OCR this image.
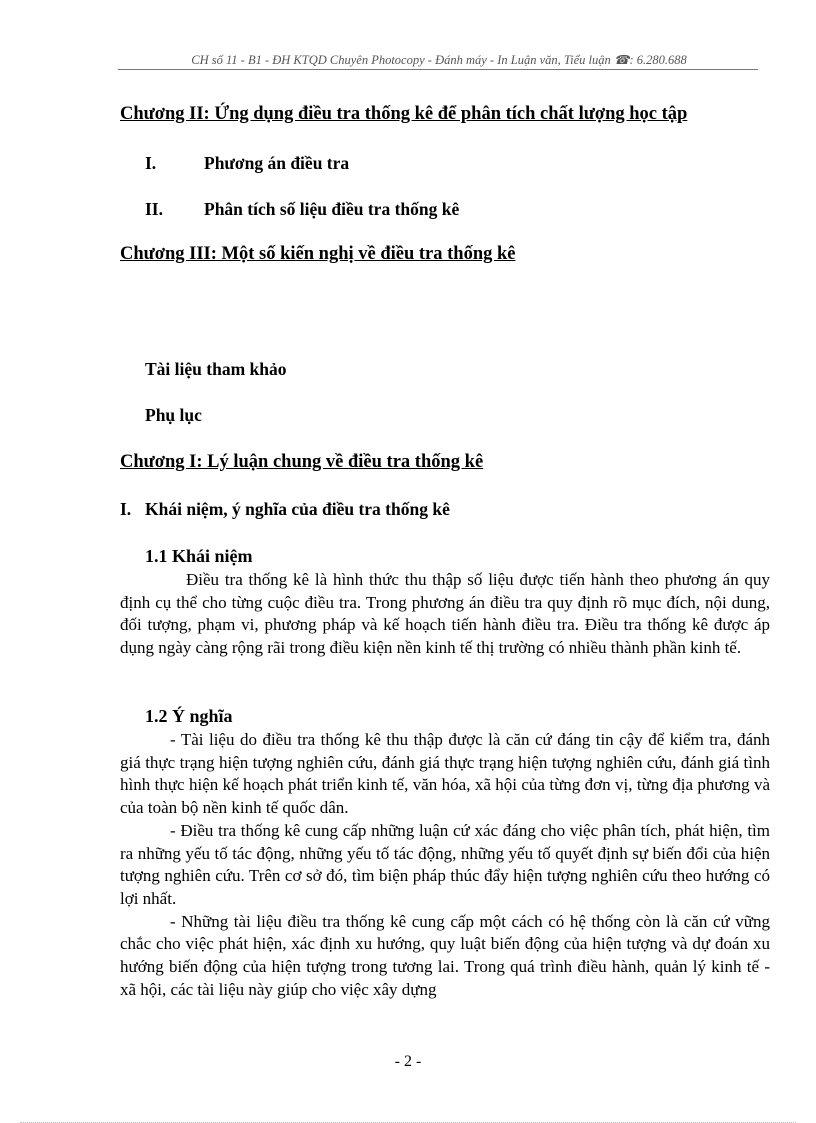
CH số 11 - B1 - ĐH KTQD Chuyên Photocopy - Đánh máy - In Luận văn, Tiểu luận ☎: 6.280.688
Chương II: Ứng dụng điều tra thống kê để phân tích chất lượng học tập
I.	Phương án điều tra
II. Phân tích số liệu điều tra thống kê
Chương III: Một số kiến nghị về điều tra thống kê
Tài liệu tham khảo
Phụ lục
Chương I: Lý luận chung về điều tra thống kê
I. Khái niệm, ý nghĩa của điều tra thống kê
1.1 Khái niệm

Điều tra thống kê là hình thức thu thập số liệu được tiến hành theo phương án quy định cụ thể cho từng cuộc điều tra. Trong phương án điều tra quy định rõ mục đích, nội dung, đối tượng, phạm vi, phương pháp và kế hoạch tiến hành điều tra. Điều tra thống kê được áp dụng ngày càng rộng rãi trong điều kiện nền kinh tế thị trường có nhiều thành phần kinh tế.

1.2 Ý nghĩa

- Tài liệu do điều tra thống kê thu thập được là căn cứ đáng tin cậy để kiểm tra, đánh giá thực trạng hiện tượng nghiên cứu, đánh giá thực trạng hiện tượng nghiên cứu, đánh giá tình hình thực hiện kế hoạch phát triển kinh tế, văn hóa, xã hội của từng đơn vị, từng địa phương và của toàn bộ nền kinh tế quốc dân.

- Điều tra thống kê cung cấp những luận cứ xác đáng cho việc phân tích, phát hiện, tìm ra những yếu tố tác động, những yếu tố tác động, những yếu tố quyết định sự biến đổi của hiện tượng nghiên cứu. Trên cơ sở đó, tìm biện pháp thúc đẩy hiện tượng nghiên cứu theo hướng có lợi nhất.

- Những tài liệu điều tra thống kê cung cấp một cách có hệ thống còn là căn cứ vững chắc cho việc phát hiện, xác định xu hướng, quy luật biến động của hiện tượng và dự đoán xu hướng biến động của hiện tượng trong tương lai. Trong quá trình điều hành, quản lý kinh tế - xã hội, các tài liệu này giúp cho việc xây dựng

- 2 -
